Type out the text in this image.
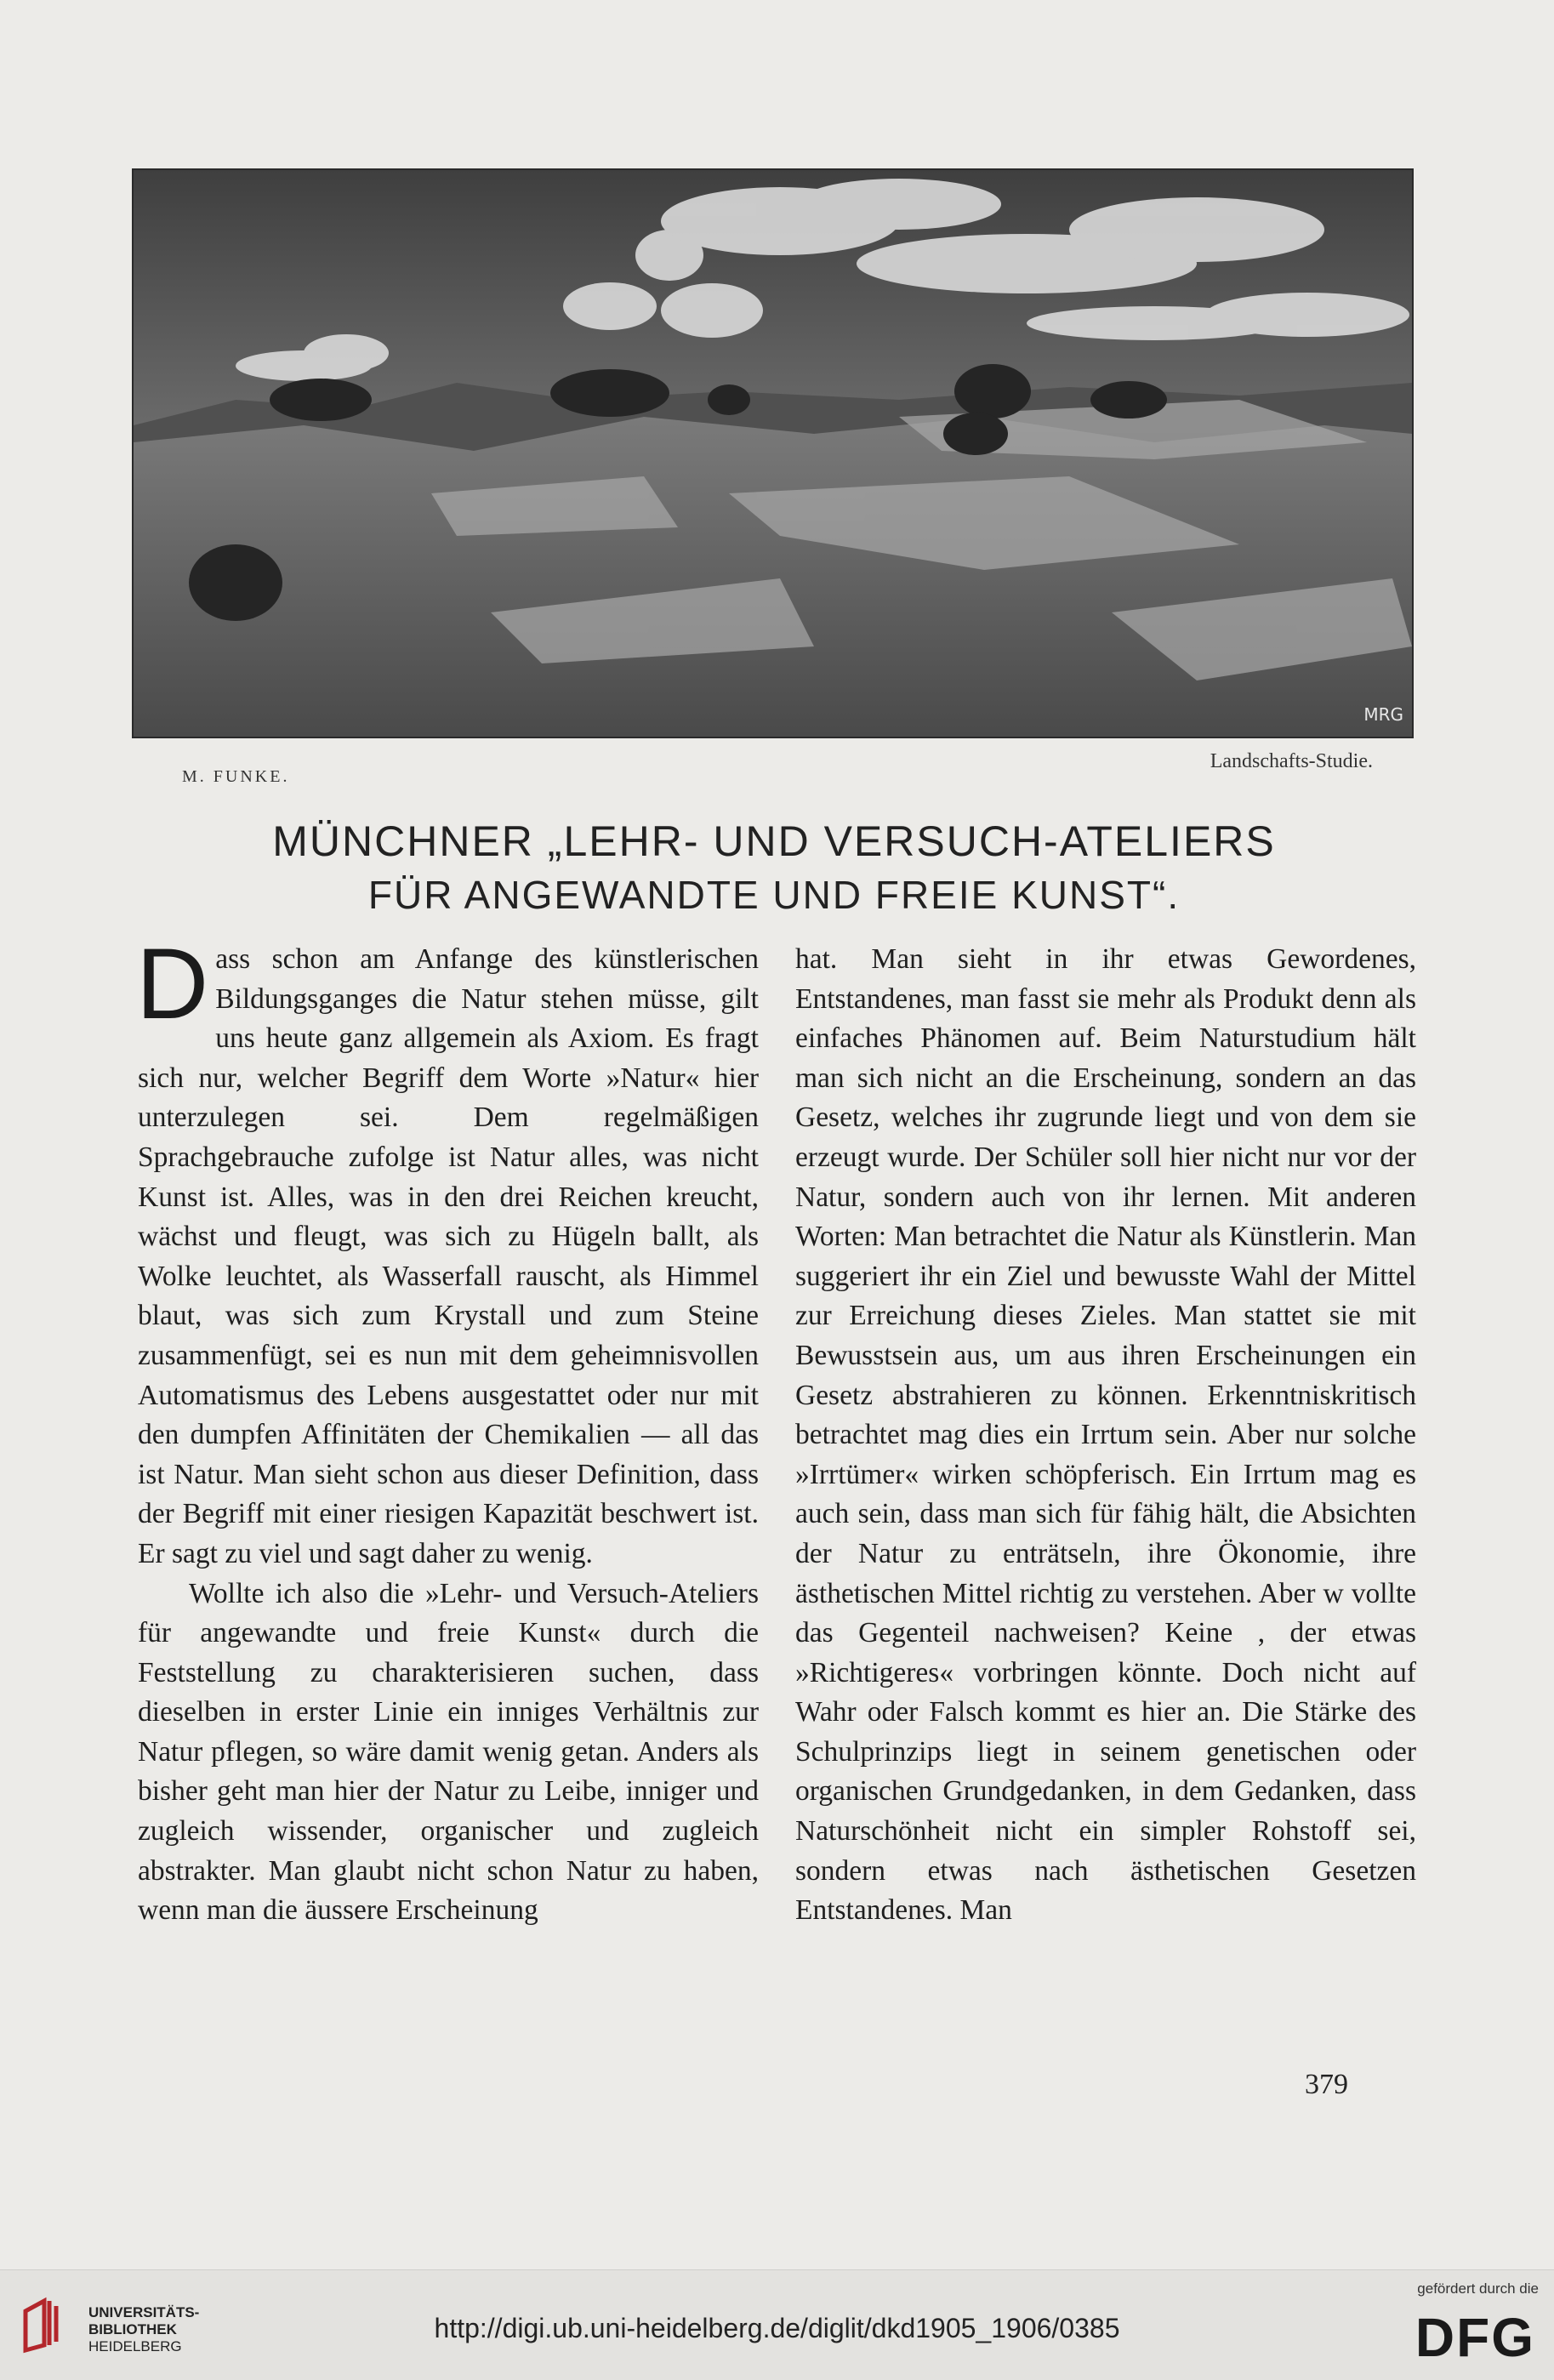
MRG
M. FUNKE.
Landschafts-Studie.
MÜNCHNER „LEHR- UND VERSUCH-ATELIERS
FÜR ANGEWANDTE UND FREIE KUNST“.

Dass schon am Anfange des künstlerischen Bildungsganges die Natur stehen müsse, gilt uns heute ganz allgemein als Axiom. Es fragt sich nur, welcher Begriff dem Worte »Natur« hier unterzulegen sei. Dem regelmäßigen Sprachgebrauche zufolge ist Natur alles, was nicht Kunst ist. Alles, was in den drei Reichen kreucht, wächst und fleugt, was sich zu Hügeln ballt, als Wolke leuchtet, als Wasserfall rauscht, als Himmel blaut, was sich zum Krystall und zum Steine zusammenfügt, sei es nun mit dem geheimnisvollen Automatismus des Lebens ausgestattet oder nur mit den dumpfen Affinitäten der Chemikalien — all das ist Natur. Man sieht schon aus dieser Definition, dass der Begriff mit einer riesigen Kapazität beschwert ist. Er sagt zu viel und sagt daher zu wenig.

Wollte ich also die »Lehr- und Versuch-Ateliers für angewandte und freie Kunst« durch die Feststellung zu charakterisieren suchen, dass dieselben in erster Linie ein inniges Verhältnis zur Natur pflegen, so wäre damit wenig getan. Anders als bisher geht man hier der Natur zu Leibe, inniger und zugleich wissender, organischer und zugleich abstrakter. Man glaubt nicht schon Natur zu haben, wenn man die äussere Erscheinung

hat. Man sieht in ihr etwas Gewordenes, Entstandenes, man fasst sie mehr als Produkt denn als einfaches Phänomen auf. Beim Naturstudium hält man sich nicht an die Erscheinung, sondern an das Gesetz, welches ihr zugrunde liegt und von dem sie erzeugt wurde. Der Schüler soll hier nicht nur vor der Natur, sondern auch von ihr lernen. Mit anderen Worten: Man betrachtet die Natur als Künstlerin. Man suggeriert ihr ein Ziel und bewusste Wahl der Mittel zur Erreichung dieses Zieles. Man stattet sie mit Bewusstsein aus, um aus ihren Erscheinungen ein Gesetz abstrahieren zu können. Erkenntniskritisch betrachtet mag dies ein Irrtum sein. Aber nur solche »Irrtümer« wirken schöpferisch. Ein Irrtum mag es auch sein, dass man sich für fähig hält, die Absichten der Natur zu enträtseln, ihre Ökonomie, ihre ästhetischen Mittel richtig zu verstehen. Aber w vollte das Gegenteil nachweisen? Keine , der etwas »Richtigeres« vorbringen könnte. Doch nicht auf Wahr oder Falsch kommt es hier an. Die Stärke des Schulprinzips liegt in seinem genetischen oder organischen Grundgedanken, in dem Gedanken, dass Naturschönheit nicht ein simpler Rohstoff sei, sondern etwas nach ästhetischen Gesetzen Entstandenes. Man

379
UNIVERSITÄTS-
BIBLIOTHEK
HEIDELBERG
http://digi.ub.uni-heidelberg.de/diglit/dkd1905_1906/0385
gefördert durch die
DFG
